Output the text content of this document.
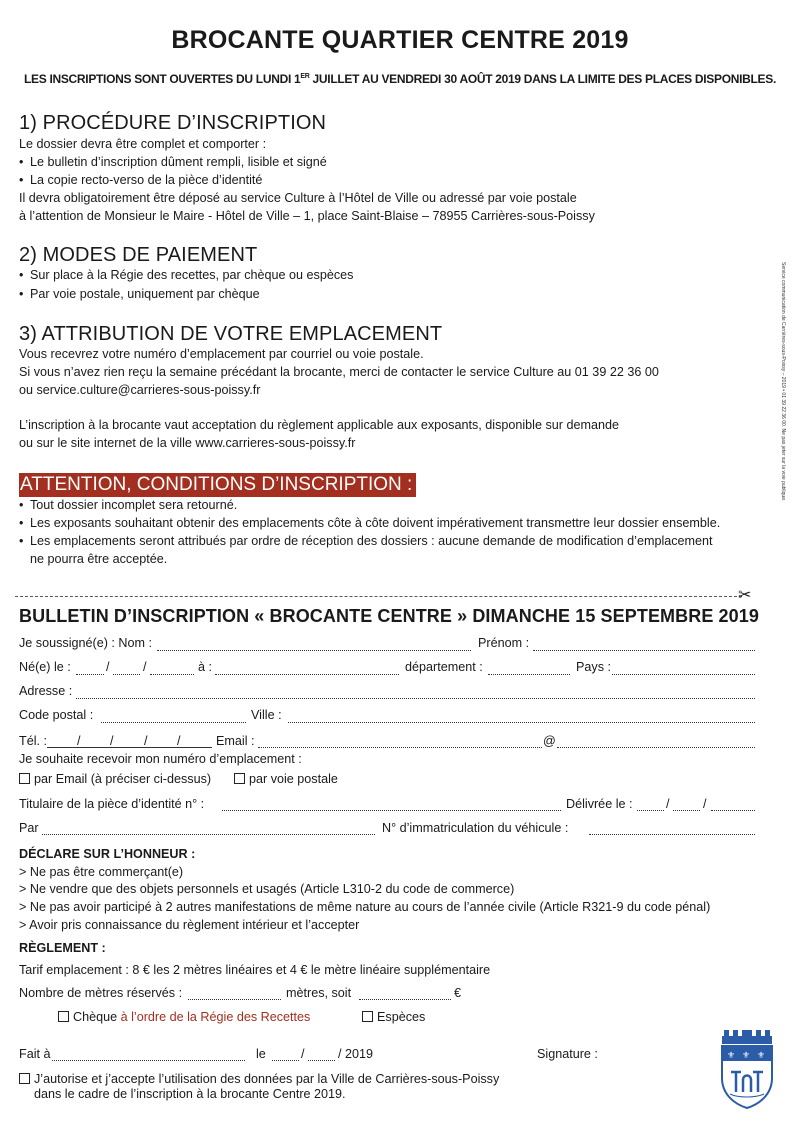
BROCANTE QUARTIER CENTRE 2019
LES INSCRIPTIONS SONT OUVERTES DU LUNDI 1ER JUILLET AU VENDREDI 30 AOÛT 2019 DANS LA LIMITE DES PLACES DISPONIBLES.
1) PROCÉDURE D’INSCRIPTION
Le dossier devra être complet et comporter :
• Le bulletin d’inscription dûment rempli, lisible et signé
• La copie recto-verso de la pièce d’identité
Il devra obligatoirement être déposé au service Culture à l’Hôtel de Ville ou adressé par voie postale
à l’attention de Monsieur le Maire - Hôtel de Ville – 1, place Saint-Blaise – 78955 Carrières-sous-Poissy
2) MODES DE PAIEMENT
• Sur place à la Régie des recettes, par chèque ou espèces
• Par voie postale, uniquement par chèque
3) ATTRIBUTION DE VOTRE EMPLACEMENT
Vous recevrez votre numéro d’emplacement par courriel ou voie postale.
Si vous n’avez rien reçu la semaine précédant la brocante, merci de contacter le service Culture au 01 39 22 36 00
ou service.culture@carrieres-sous-poissy.fr
L’inscription à la brocante vaut acceptation du règlement applicable aux exposants, disponible sur demande
ou sur le site internet de la ville www.carrieres-sous-poissy.fr
ATTENTION, CONDITIONS D’INSCRIPTION :
• Tout dossier incomplet sera retourné.
• Les exposants souhaitant obtenir des emplacements côte à côte doivent impérativement transmettre leur dossier ensemble.
• Les emplacements seront attribués par ordre de réception des dossiers : aucune demande de modification d’emplacement
ne pourra être acceptée.
Service communication de Carrières-sous-Poissy – 2019 • 01 39 22 36 00. Ne pas jeter sur la voie publique.
✂
BULLETIN D’INSCRIPTION « BROCANTE CENTRE » DIMANCHE 15 SEPTEMBRE 2019
Je soussigné(e) : Nom :	Prénom :
Né(e) le :	/	/	à :	département :	Pays :
Adresse :
Code postal :	Ville :
Tél. : / / / /	Email :	@
Je souhaite recevoir mon numéro d’emplacement :
par Email (à préciser ci-dessus)	par voie postale
Titulaire de la pièce d’identité n° :	Délivrée le :	/	/
Par	N° d’immatriculation du véhicule :
DÉCLARE SUR L’HONNEUR :
> Ne pas être commerçant(e)
> Ne vendre que des objets personnels et usagés (Article L310-2 du code de commerce)
> Ne pas avoir participé à 2 autres manifestations de même nature au cours de l’année civile (Article R321-9 du code pénal)
> Avoir pris connaissance du règlement intérieur et l’accepter
RÈGLEMENT :
Tarif emplacement : 8 € les 2 mètres linéaires et 4 € le mètre linéaire supplémentaire
Nombre de mètres réservés :	mètres, soit	€
Chèque à l’ordre de la Régie des Recettes	Espèces
Fait à	le	/	/ 2019	Signature :
J’autorise et j’accepte l’utilisation des données par la Ville de Carrières-sous-Poissy
dans le cadre de l’inscription à la brocante Centre 2019.
⚜ ⚜ ⚜
